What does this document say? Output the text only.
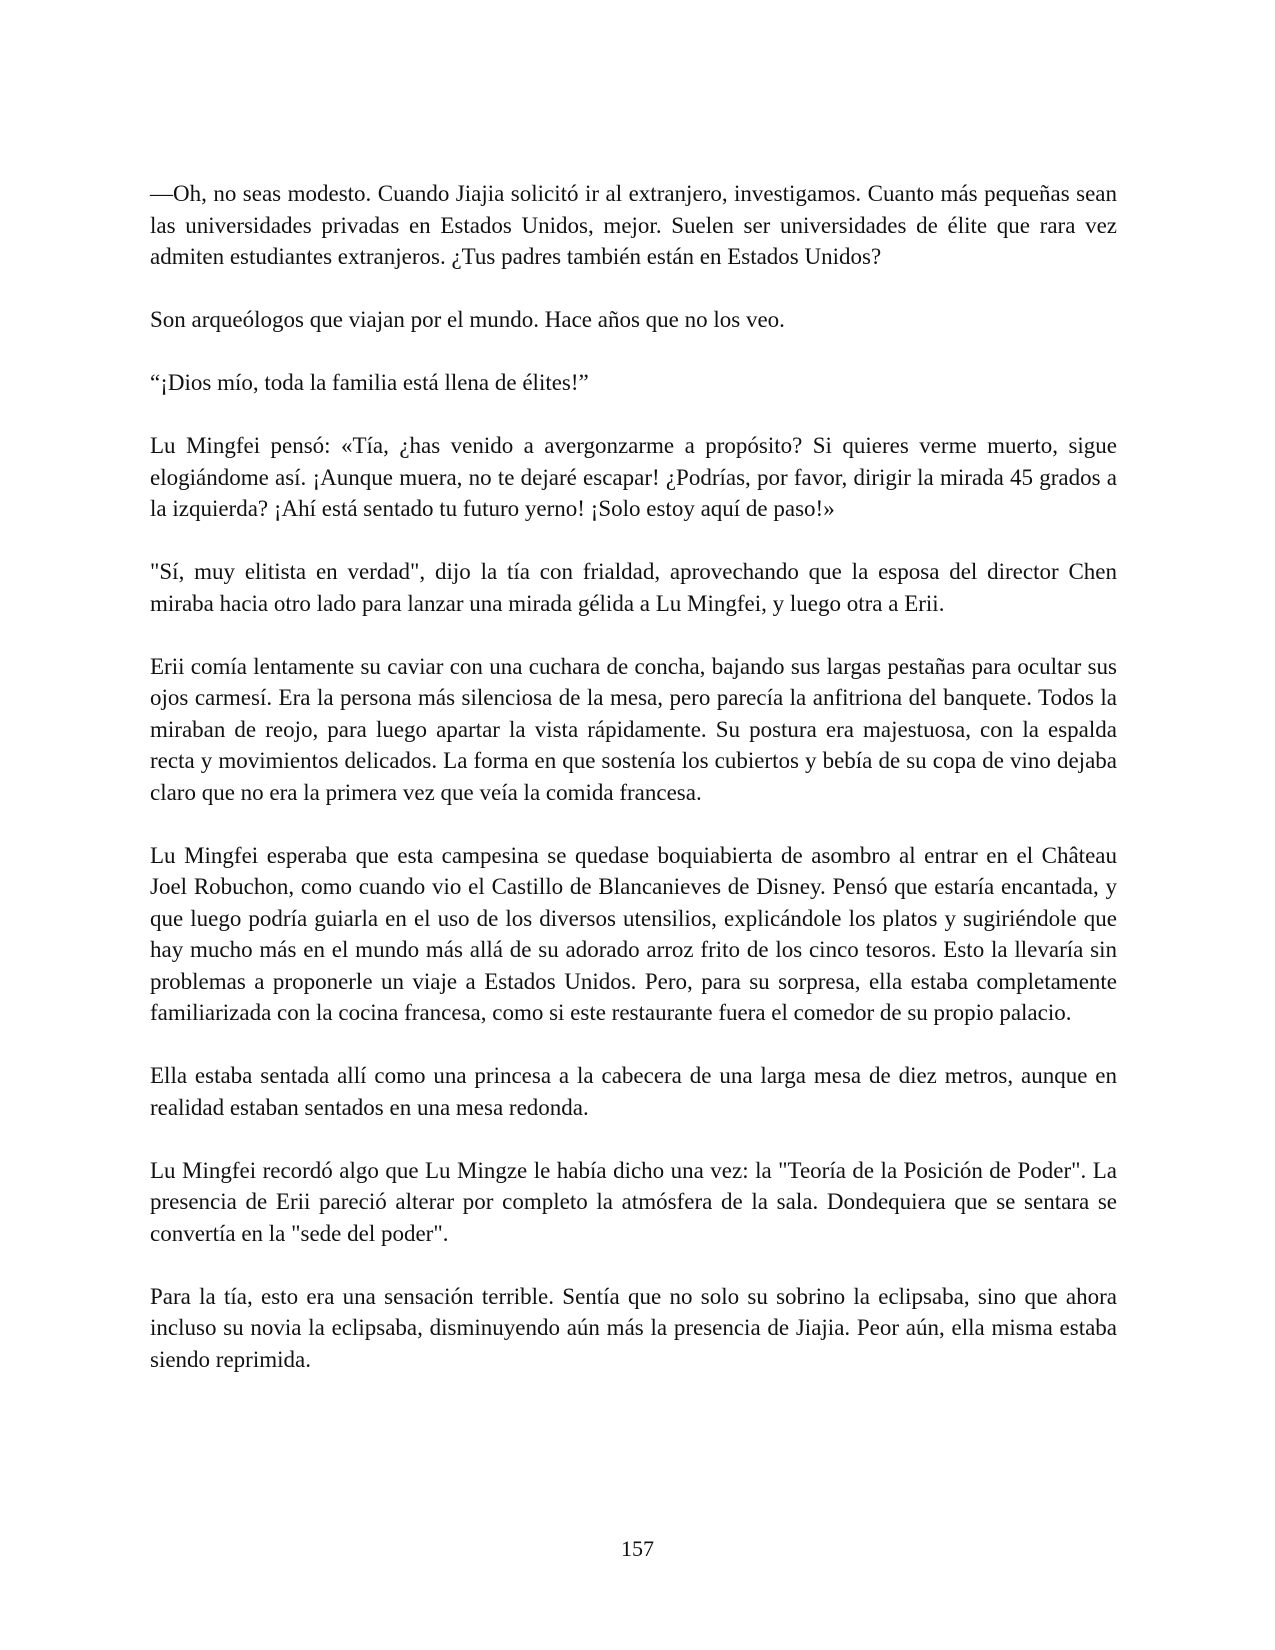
—Oh, no seas modesto. Cuando Jiajia solicitó ir al extranjero, investigamos. Cuanto más pequeñas sean las universidades privadas en Estados Unidos, mejor. Suelen ser universidades de élite que rara vez admiten estudiantes extranjeros. ¿Tus padres también están en Estados Unidos?

Son arqueólogos que viajan por el mundo. Hace años que no los veo.

“¡Dios mío, toda la familia está llena de élites!”

Lu Mingfei pensó: «Tía, ¿has venido a avergonzarme a propósito? Si quieres verme muerto, sigue elogiándome así. ¡Aunque muera, no te dejaré escapar! ¿Podrías, por favor, dirigir la mirada 45 grados a la izquierda? ¡Ahí está sentado tu futuro yerno! ¡Solo estoy aquí de paso!»

"Sí, muy elitista en verdad", dijo la tía con frialdad, aprovechando que la esposa del director Chen miraba hacia otro lado para lanzar una mirada gélida a Lu Mingfei, y luego otra a Erii.

Erii comía lentamente su caviar con una cuchara de concha, bajando sus largas pestañas para ocultar sus ojos carmesí. Era la persona más silenciosa de la mesa, pero parecía la anfitriona del banquete. Todos la miraban de reojo, para luego apartar la vista rápidamente. Su postura era majestuosa, con la espalda recta y movimientos delicados. La forma en que sostenía los cubiertos y bebía de su copa de vino dejaba claro que no era la primera vez que veía la comida francesa.

Lu Mingfei esperaba que esta campesina se quedase boquiabierta de asombro al entrar en el Château Joel Robuchon, como cuando vio el Castillo de Blancanieves de Disney. Pensó que estaría encantada, y que luego podría guiarla en el uso de los diversos utensilios, explicándole los platos y sugiriéndole que hay mucho más en el mundo más allá de su adorado arroz frito de los cinco tesoros. Esto la llevaría sin problemas a proponerle un viaje a Estados Unidos. Pero, para su sorpresa, ella estaba completamente familiarizada con la cocina francesa, como si este restaurante fuera el comedor de su propio palacio.

Ella estaba sentada allí como una princesa a la cabecera de una larga mesa de diez metros, aunque en realidad estaban sentados en una mesa redonda.

Lu Mingfei recordó algo que Lu Mingze le había dicho una vez: la "Teoría de la Posición de Poder". La presencia de Erii pareció alterar por completo la atmósfera de la sala. Dondequiera que se sentara se convertía en la "sede del poder".

Para la tía, esto era una sensación terrible. Sentía que no solo su sobrino la eclipsaba, sino que ahora incluso su novia la eclipsaba, disminuyendo aún más la presencia de Jiajia. Peor aún, ella misma estaba siendo reprimida.

157
